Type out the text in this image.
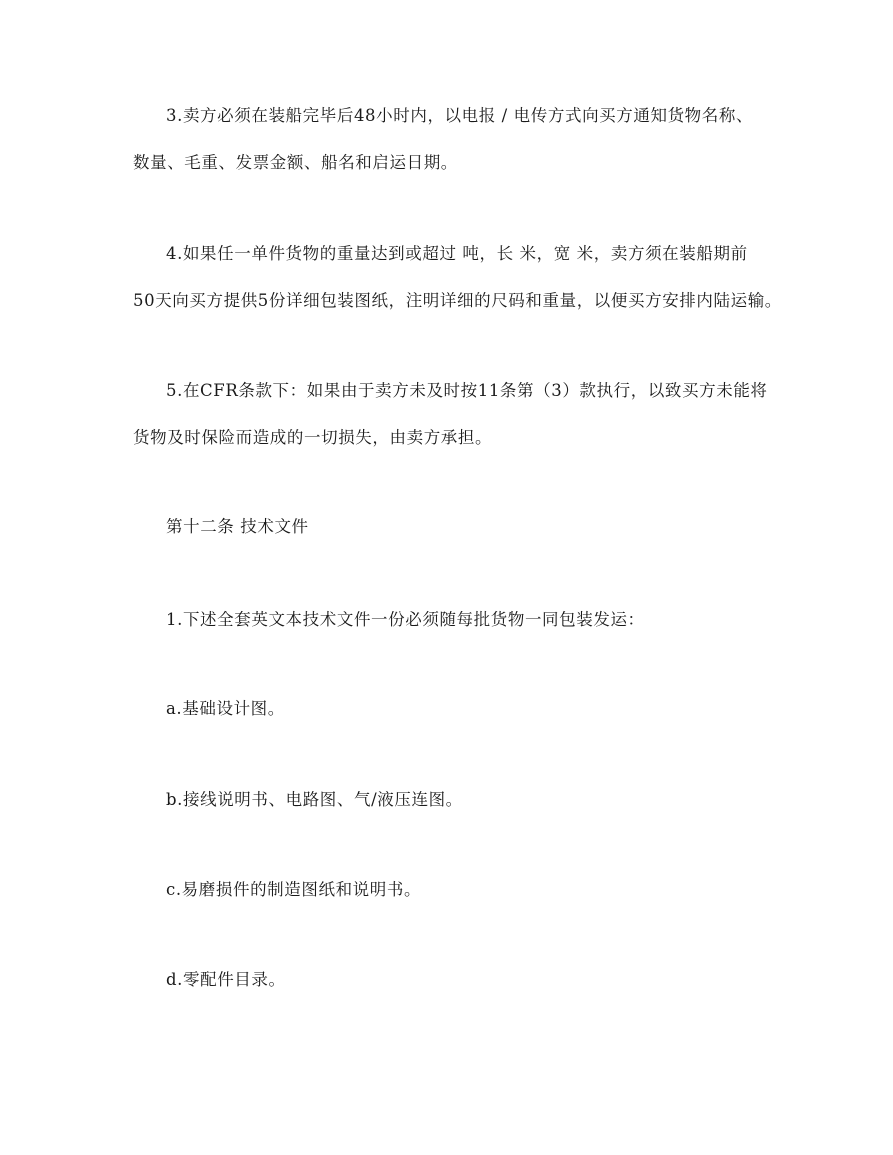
3.卖方必须在装船完毕后48小时内，以电报 / 电传方式向买方通知货物名称、
数量、毛重、发票金额、船名和启运日期。
4.如果任一单件货物的重量达到或超过 吨，长 米，宽 米，卖方须在装船期前
50天向买方提供5份详细包装图纸，注明详细的尺码和重量，以便买方安排内陆运输。
5.在CFR条款下：如果由于卖方未及时按11条第（3）款执行，以致买方未能将
货物及时保险而造成的一切损失，由卖方承担。
第十二条 技术文件
1.下述全套英文本技术文件一份必须随每批货物一同包装发运：
a.基础设计图。
b.接线说明书、电路图、气/液压连图。
c.易磨损件的制造图纸和说明书。
d.零配件目录。
